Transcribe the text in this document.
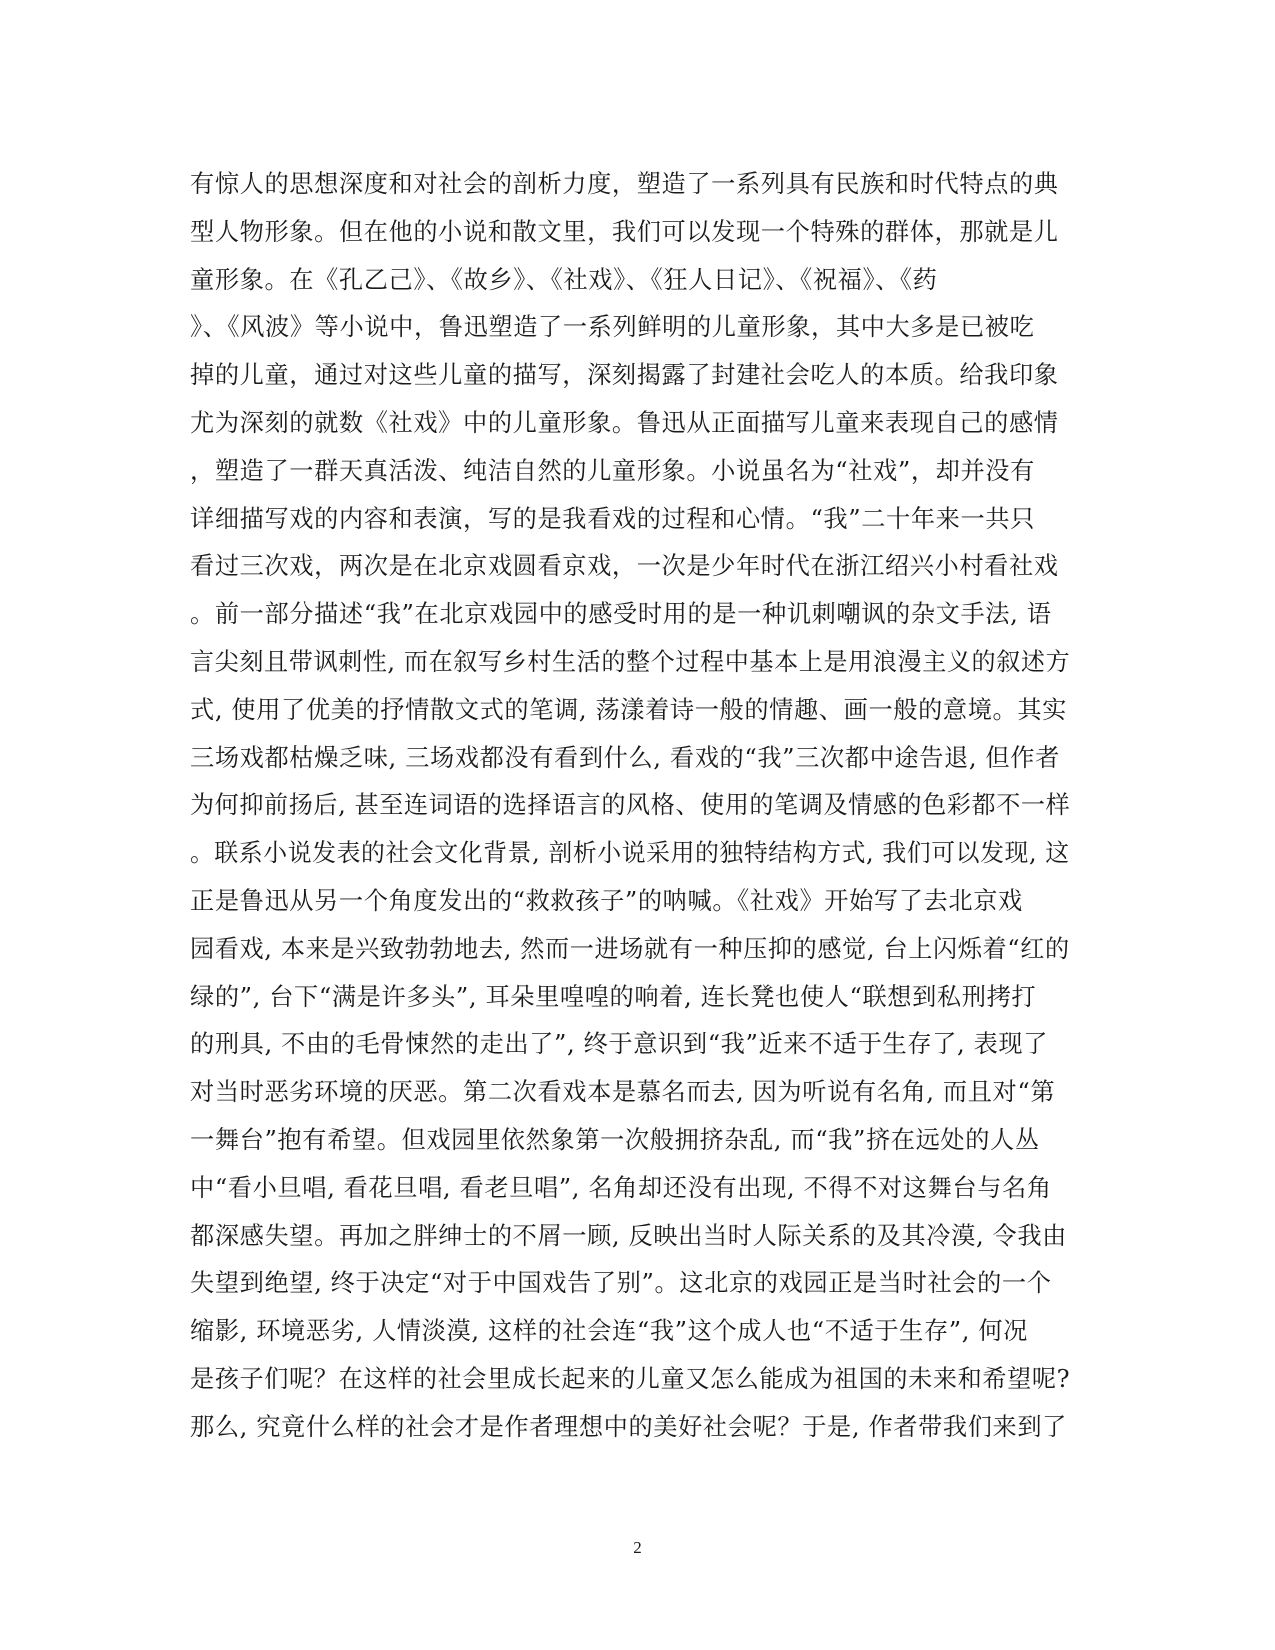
有惊人的思想深度和对社会的剖析力度，塑造了一系列具有民族和时代特点的典
型人物形象。但在他的小说和散文里，我们可以发现一个特殊的群体，那就是儿
童形象。在《孔乙己》、《故乡》、《社戏》、《狂人日记》、《祝福》、《药
》、《风波》等小说中，鲁迅塑造了一系列鲜明的儿童形象，其中大多是已被吃
掉的儿童，通过对这些儿童的描写，深刻揭露了封建社会吃人的本质。给我印象
尤为深刻的就数《社戏》中的儿童形象。鲁迅从正面描写儿童来表现自己的感情
，塑造了一群天真活泼、纯洁自然的儿童形象。小说虽名为“社戏”，却并没有
详细描写戏的内容和表演，写的是我看戏的过程和心情。“我”二十年来一共只
看过三次戏，两次是在北京戏圆看京戏，一次是少年时代在浙江绍兴小村看社戏
。前一部分描述“我”在北京戏园中的感受时用的是一种讥刺嘲讽的杂文手法, 语
言尖刻且带讽刺性, 而在叙写乡村生活的整个过程中基本上是用浪漫主义的叙述方
式, 使用了优美的抒情散文式的笔调, 荡漾着诗一般的情趣、画一般的意境。其实
三场戏都枯燥乏味, 三场戏都没有看到什么, 看戏的“我”三次都中途告退, 但作者
为何抑前扬后, 甚至连词语的选择语言的风格、使用的笔调及情感的色彩都不一样
。联系小说发表的社会文化背景, 剖析小说采用的独特结构方式, 我们可以发现, 这
正是鲁迅从另一个角度发出的“救救孩子”的呐喊。《社戏》开始写了去北京戏
园看戏, 本来是兴致勃勃地去, 然而一进场就有一种压抑的感觉, 台上闪烁着“红的
绿的”, 台下“满是许多头”, 耳朵里喤喤的响着, 连长凳也使人“联想到私刑拷打
的刑具, 不由的毛骨悚然的走出了”, 终于意识到“我”近来不适于生存了, 表现了
对当时恶劣环境的厌恶。第二次看戏本是慕名而去, 因为听说有名角, 而且对“第
一舞台”抱有希望。但戏园里依然象第一次般拥挤杂乱, 而“我”挤在远处的人丛
中“看小旦唱, 看花旦唱, 看老旦唱”, 名角却还没有出现, 不得不对这舞台与名角
都深感失望。再加之胖绅士的不屑一顾, 反映出当时人际关系的及其冷漠, 令我由
失望到绝望, 终于决定“对于中国戏告了别”。这北京的戏园正是当时社会的一个
缩影, 环境恶劣, 人情淡漠, 这样的社会连“我”这个成人也“不适于生存”, 何况
是孩子们呢？在这样的社会里成长起来的儿童又怎么能成为祖国的未来和希望呢?
那么, 究竟什么样的社会才是作者理想中的美好社会呢？于是, 作者带我们来到了
2
